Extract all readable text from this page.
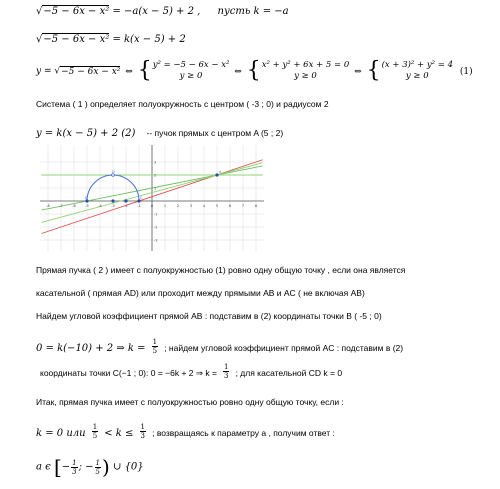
√−5 − 6x − x² = −a(x − 5) + 2 , пусть k = −a
√−5 − 6x − x² = k(x − 5) + 2
y = √−5 − 6x − x² ⇔ { y² = −5 − 6x − x²
y ≥ 0	⇔ { x² + y² + 6x + 5 = 0
y ≥ 0	⇔ { (x + 3)² + y² = 4
y ≥ 0	(1)
Система ( 1 ) определяет полуокружность с центром ( -3 ; 0) и радиусом 2
y = k(x − 5) + 2 (2) -- пучок прямых с центром A (5 ; 2)
-8	-7	-6	-5	-4	-3	-2	-1	0	1	2	3	4	5	6	7	8
3
2
1
-1
-2
-3
A
B	C
D
Прямая пучка ( 2 ) имеет с полуокружностью (1) ровно одну общую точку , если она является
касательной ( прямая AD) или проходит между прямыми AB и AC ( не включая AB)
Найдем угловой коэффициент прямой AB : подставим в (2) координаты точки B ( -5 ; 0)
0 = k(−10) + 2 ⇒ $k = \frac{1}{5}$ ; найдем угловой коэффициент прямой AC : подставим в (2)
координаты точки C(−1 ; 0): 0 = −6k + 2 ⇒ $k = \frac{1}{3}$ ; для касательной CD k = 0
Итак, прямая пучка имеет с полуокружностью ровно одну общую точку, если :
k = 0 или $\frac{1}{5} < k \le \frac{1}{3}$ ; возвращаясь к параметру a , получим ответ :
a ϵ [− $\frac{1}{3}$ ; − $\frac{1}{5}$ ) ∪ {0}
